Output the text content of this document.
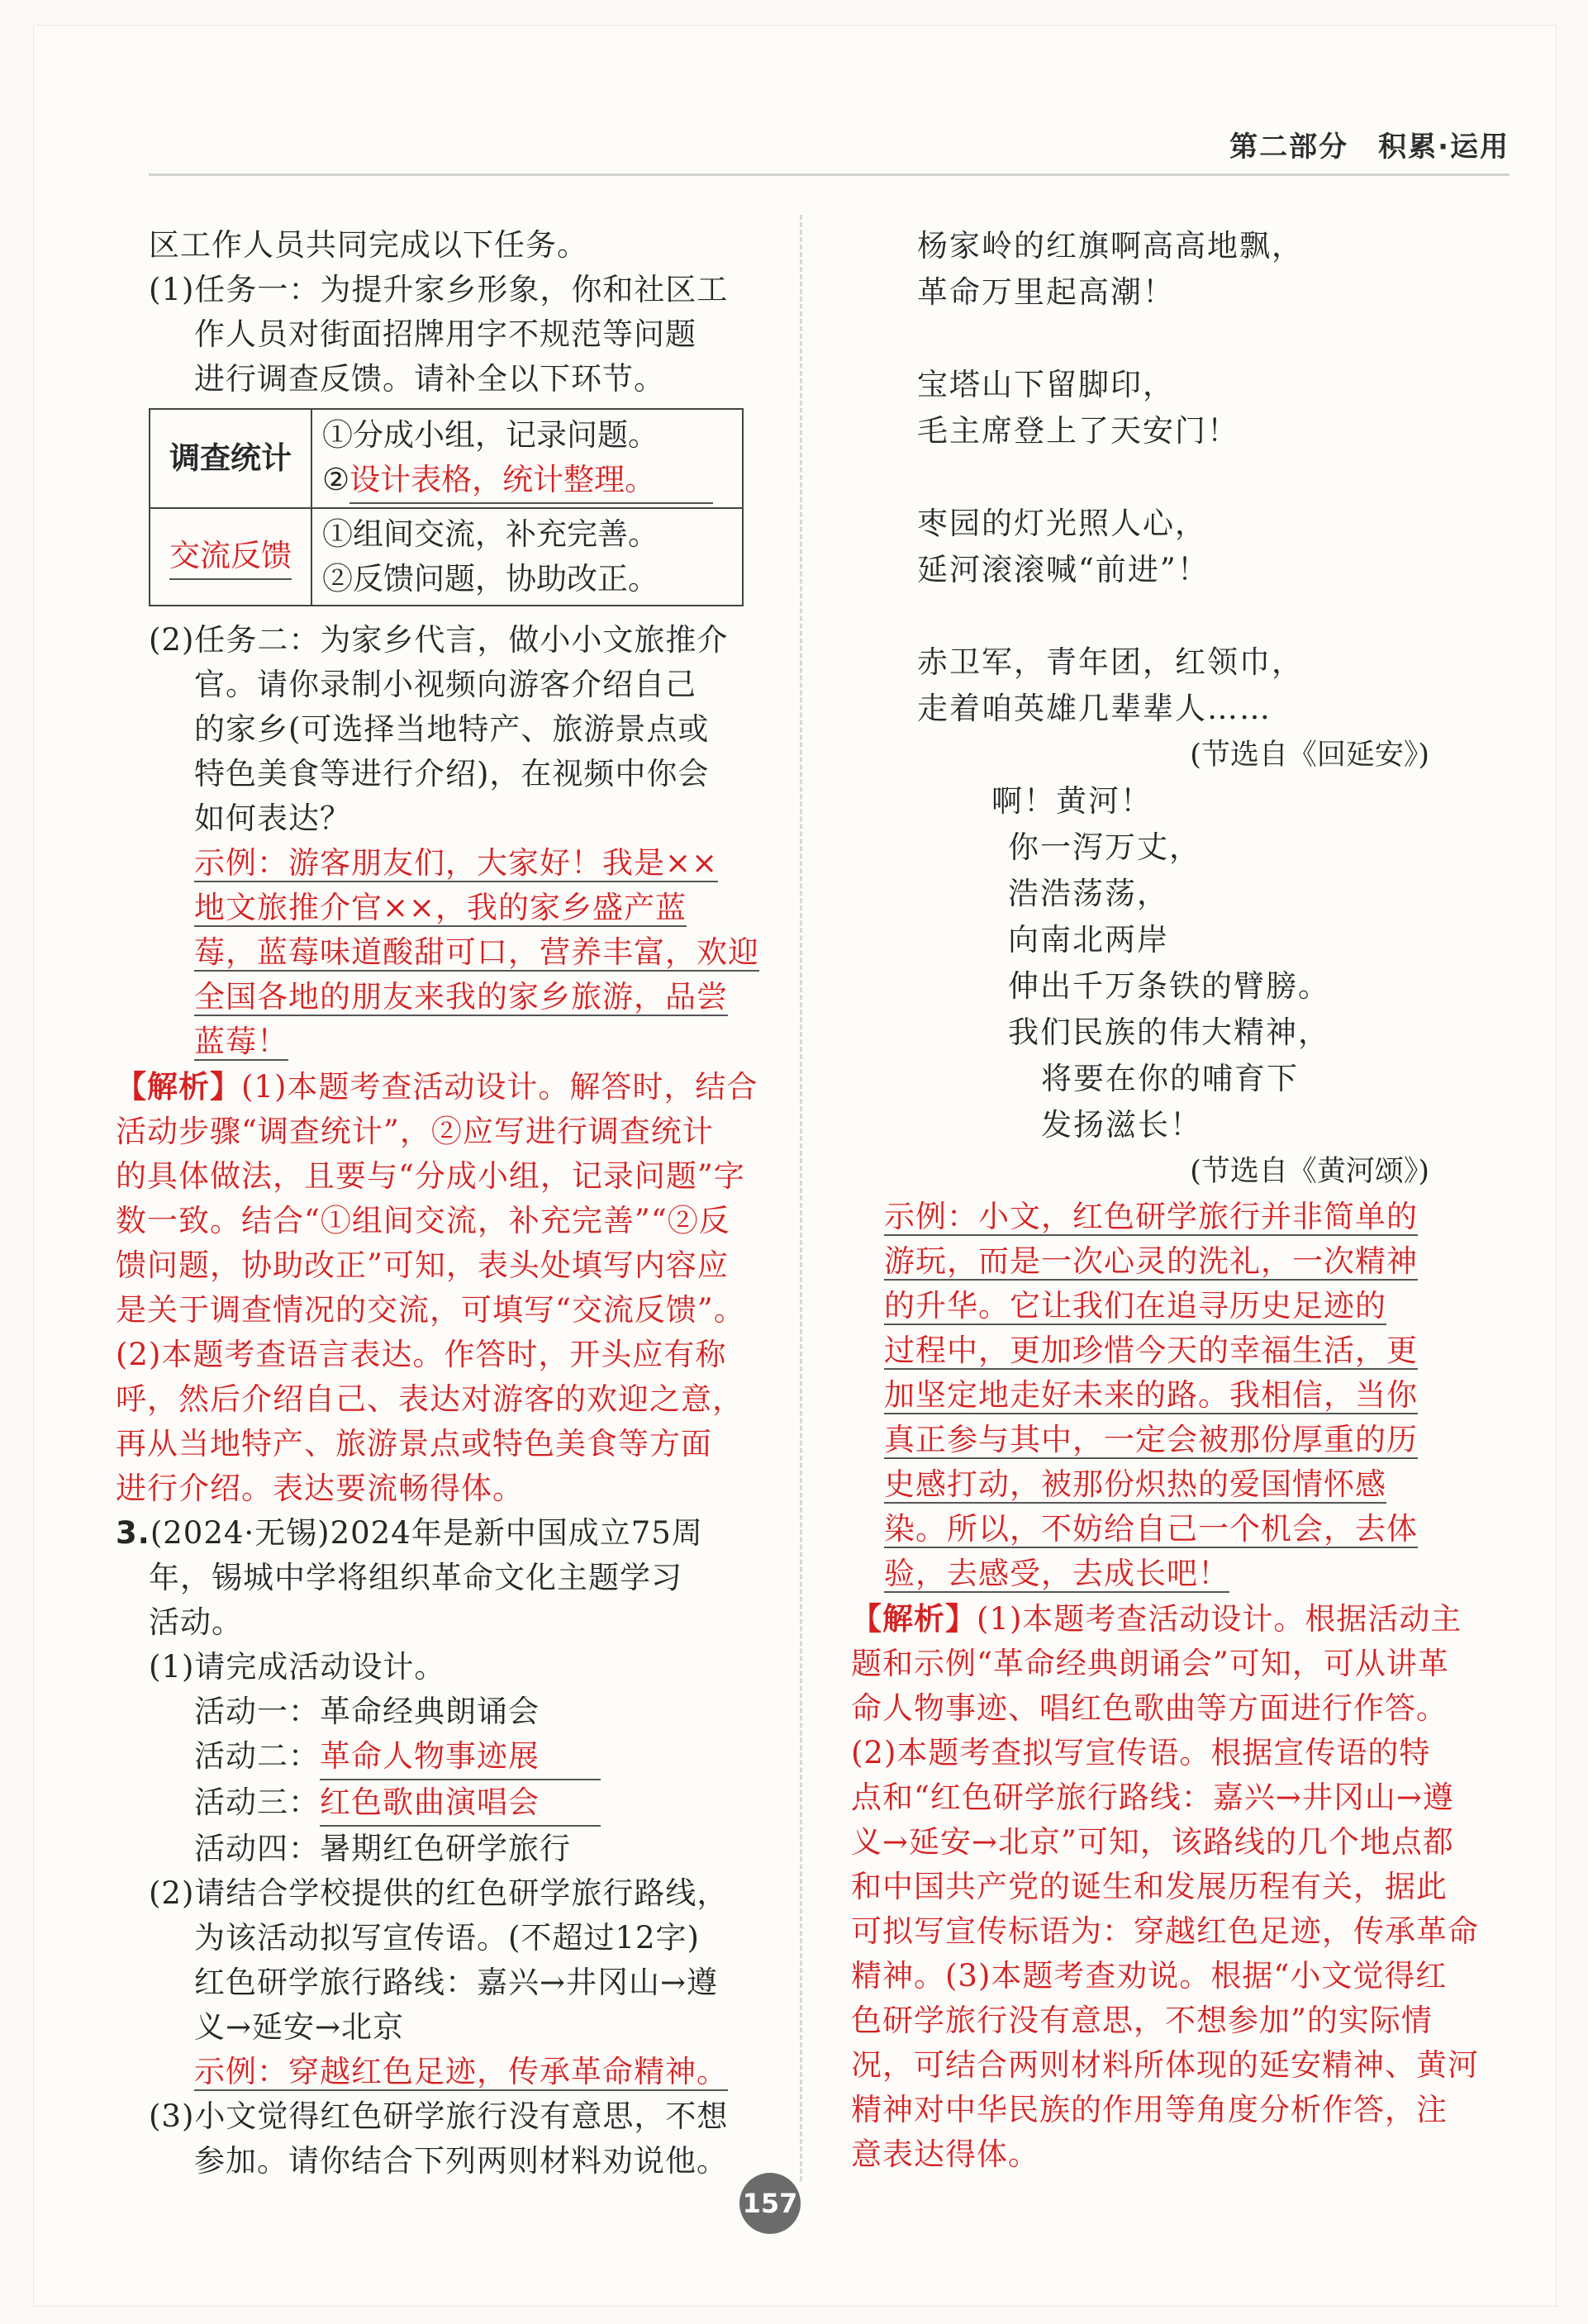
第二部分　积累·运用
区工作人员共同完成以下任务。
(1)任务一：为提升家乡形象，你和社区工
作人员对街面招牌用字不规范等问题
进行调查反馈。请补全以下环节。
调查统计	①分成小组，记录问题。
②设计表格，统计整理。

交流反馈	①组间交流，补充完善。
②反馈问题，协助改正。
(2)任务二：为家乡代言，做小小文旅推介
官。请你录制小视频向游客介绍自己
的家乡(可选择当地特产、旅游景点或
特色美食等进行介绍)，在视频中你会
如何表达？
示例：游客朋友们，大家好！我是××
地文旅推介官××，我的家乡盛产蓝
莓，蓝莓味道酸甜可口，营养丰富，欢迎
全国各地的朋友来我的家乡旅游，品尝
蓝莓！
【解析】(1)本题考查活动设计。解答时，结合
活动步骤“调查统计”，②应写进行调查统计
的具体做法，且要与“分成小组，记录问题”字
数一致。结合“①组间交流，补充完善”“②反
馈问题，协助改正”可知，表头处填写内容应
是关于调查情况的交流，可填写“交流反馈”。
(2)本题考查语言表达。作答时，开头应有称
呼，然后介绍自己、表达对游客的欢迎之意，
再从当地特产、旅游景点或特色美食等方面
进行介绍。表达要流畅得体。
3.(2024·无锡)2024年是新中国成立75周
年，锡城中学将组织革命文化主题学习
活动。
(1)请完成活动设计。
活动一：革命经典朗诵会
活动二：革命人物事迹展
活动三：红色歌曲演唱会
活动四：暑期红色研学旅行
(2)请结合学校提供的红色研学旅行路线，
为该活动拟写宣传语。(不超过12字)
红色研学旅行路线：嘉兴→井冈山→遵
义→延安→北京
示例：穿越红色足迹，传承革命精神。
(3)小文觉得红色研学旅行没有意思，不想
参加。请你结合下列两则材料劝说他。
杨家岭的红旗啊高高地飘，
革命万里起高潮！
宝塔山下留脚印，
毛主席登上了天安门！
枣园的灯光照人心，
延河滚滚喊“前进”！
赤卫军，青年团，红领巾，
走着咱英雄几辈辈人……
(节选自《回延安》)
啊！黄河！
你一泻万丈，
浩浩荡荡，
向南北两岸
伸出千万条铁的臂膀。
我们民族的伟大精神，
将要在你的哺育下
发扬滋长！
(节选自《黄河颂》)
示例：小文，红色研学旅行并非简单的
游玩，而是一次心灵的洗礼，一次精神
的升华。它让我们在追寻历史足迹的
过程中，更加珍惜今天的幸福生活，更
加坚定地走好未来的路。我相信，当你
真正参与其中，一定会被那份厚重的历
史感打动，被那份炽热的爱国情怀感
染。所以，不妨给自己一个机会，去体
验，去感受，去成长吧！
【解析】(1)本题考查活动设计。根据活动主
题和示例“革命经典朗诵会”可知，可从讲革
命人物事迹、唱红色歌曲等方面进行作答。
(2)本题考查拟写宣传语。根据宣传语的特
点和“红色研学旅行路线：嘉兴→井冈山→遵
义→延安→北京”可知，该路线的几个地点都
和中国共产党的诞生和发展历程有关，据此
可拟写宣传标语为：穿越红色足迹，传承革命
精神。(3)本题考查劝说。根据“小文觉得红
色研学旅行没有意思，不想参加”的实际情
况，可结合两则材料所体现的延安精神、黄河
精神对中华民族的作用等角度分析作答，注
意表达得体。
157
